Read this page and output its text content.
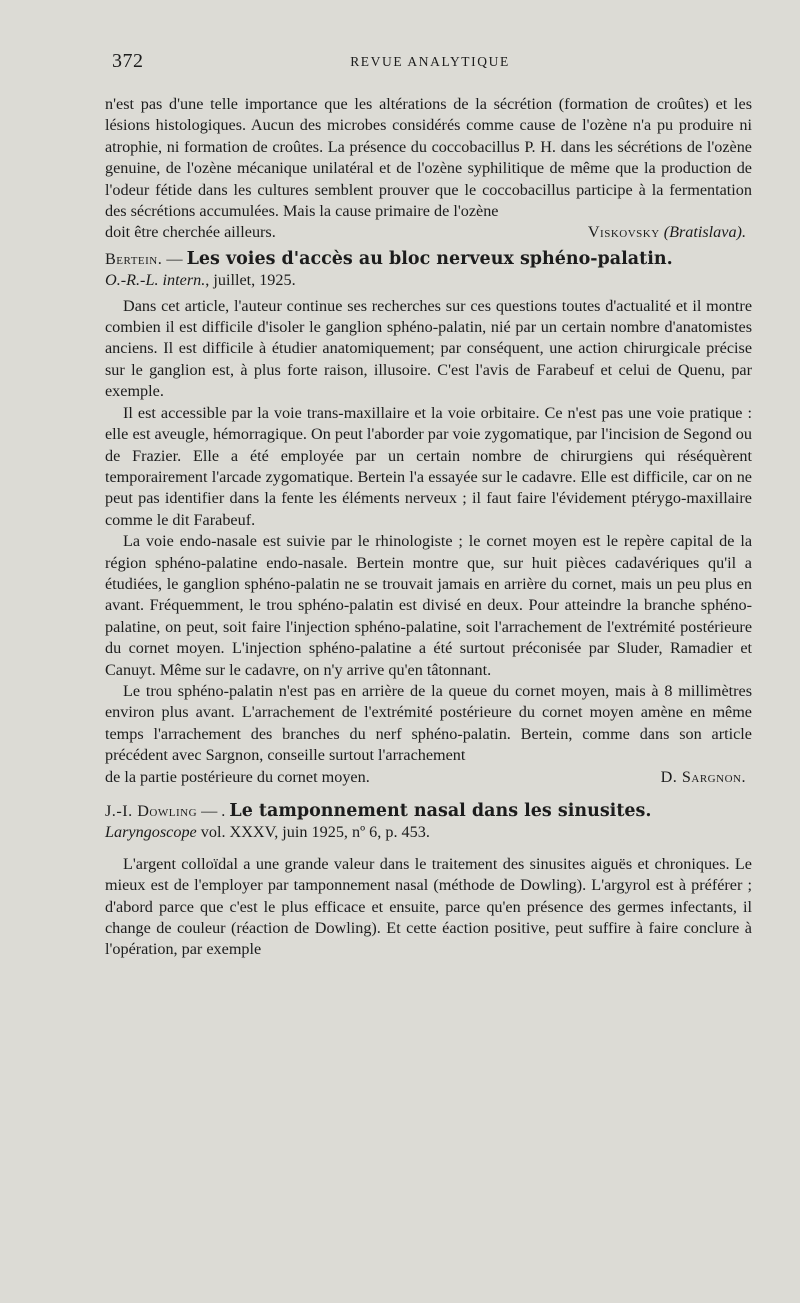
372	REVUE ANALYTIQUE

n'est pas d'une telle importance que les altérations de la sécrétion (formation de croûtes) et les lésions histologiques. Aucun des microbes considérés comme cause de l'ozène n'a pu produire ni atrophie, ni formation de croûtes. La présence du coccobacillus P. H. dans les sécrétions de l'ozène genuine, de l'ozène mécanique unilatéral et de l'ozène syphilitique de même que la production de l'odeur fétide dans les cultures semblent prouver que le coccobacillus participe à la fermentation des sécrétions accumulées. Mais la cause primaire de l'ozène

doit être cherchée ailleurs.	Viskovsky (Bratislava).
Bertein. — Les voies d'accès au bloc nerveux sphéno-palatin.
O.-R.-L. intern., juillet, 1925.

Dans cet article, l'auteur continue ses recherches sur ces questions toutes d'actualité et il montre combien il est difficile d'isoler le ganglion sphéno-palatin, nié par un certain nombre d'anatomistes anciens. Il est difficile à étudier anatomiquement; par conséquent, une action chirurgicale précise sur le ganglion est, à plus forte raison, illusoire. C'est l'avis de Farabeuf et celui de Quenu, par exemple.

Il est accessible par la voie trans-maxillaire et la voie orbitaire. Ce n'est pas une voie pratique : elle est aveugle, hémorragique. On peut l'aborder par voie zygomatique, par l'incision de Segond ou de Frazier. Elle a été employée par un certain nombre de chirurgiens qui réséquèrent temporairement l'arcade zygomatique. Bertein l'a essayée sur le cadavre. Elle est difficile, car on ne peut pas identifier dans la fente les éléments nerveux ; il faut faire l'évidement ptérygo-maxillaire comme le dit Farabeuf.

La voie endo-nasale est suivie par le rhinologiste ; le cornet moyen est le repère capital de la région sphéno-palatine endo-nasale. Bertein montre que, sur huit pièces cadavériques qu'il a étudiées, le ganglion sphéno-palatin ne se trouvait jamais en arrière du cornet, mais un peu plus en avant. Fréquemment, le trou sphéno-palatin est divisé en deux. Pour atteindre la branche sphéno-palatine, on peut, soit faire l'injection sphéno-palatine, soit l'arrachement de l'extrémité postérieure du cornet moyen. L'injection sphéno-palatine a été surtout préconisée par Sluder, Ramadier et Canuyt. Même sur le cadavre, on n'y arrive qu'en tâtonnant.

Le trou sphéno-palatin n'est pas en arrière de la queue du cornet moyen, mais à 8 millimètres environ plus avant. L'arrachement de l'extrémité postérieure du cornet moyen amène en même temps l'arrachement des branches du nerf sphéno-palatin. Bertein, comme dans son article précédent avec Sargnon, conseille surtout l'arrachement

de la partie postérieure du cornet moyen.	D. Sargnon.
J.-I. Dowling — . Le tamponnement nasal dans les sinusites.
Laryngoscope vol. XXXV, juin 1925, nº 6, p. 453.

L'argent colloïdal a une grande valeur dans le traitement des sinusites aiguës et chroniques. Le mieux est de l'employer par tamponnement nasal (méthode de Dowling). L'argyrol est à préférer ; d'abord parce que c'est le plus efficace et ensuite, parce qu'en présence des germes infectants, il change de couleur (réaction de Dowling). Et cette éaction positive, peut suffire à faire conclure à l'opération, par exemple
